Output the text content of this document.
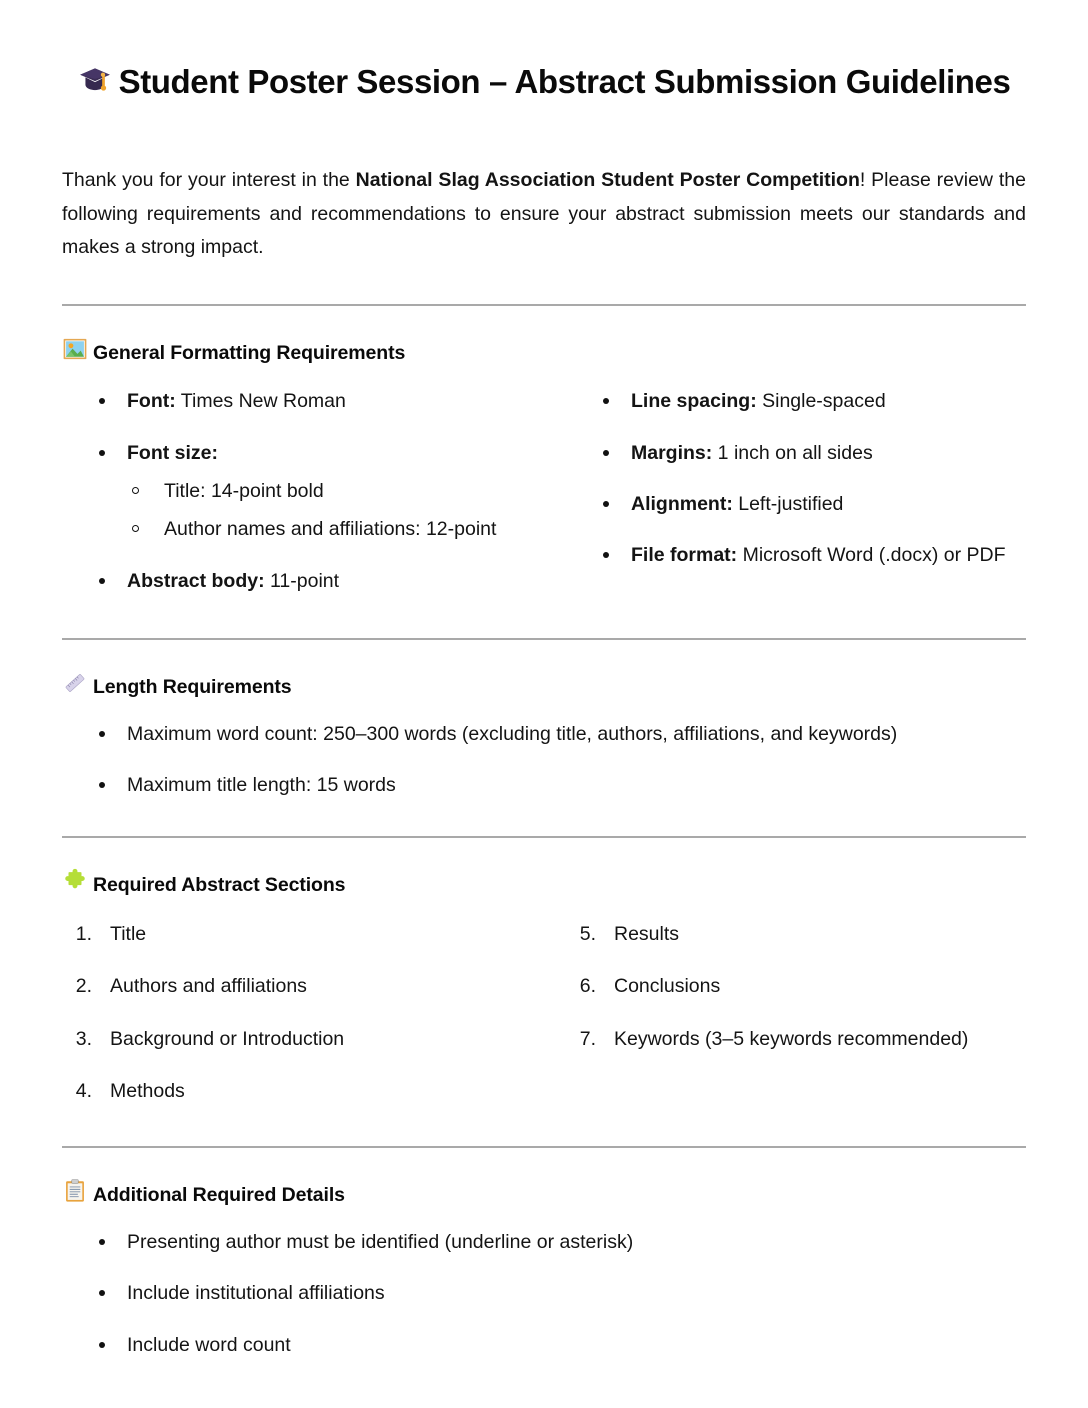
Student Poster Session – Abstract Submission Guidelines

Thank you for your interest in the National Slag Association Student Poster Competition! Please review the following requirements and recommendations to ensure your abstract submission meets our standards and makes a strong impact.

General Formatting Requirements
Font: Times New Roman
Font size:
Title: 14-point bold
Author names and affiliations: 12-point
Abstract body: 11-point
Line spacing: Single-spaced
Margins: 1 inch on all sides
Alignment: Left-justified
File format: Microsoft Word (.docx) or PDF
Length Requirements
Maximum word count: 250–300 words (excluding title, authors, affiliations, and keywords)
Maximum title length: 15 words
Required Abstract Sections
1. Title
2. Authors and affiliations
3. Background or Introduction
4. Methods
5. Results
6. Conclusions
7. Keywords (3–5 keywords recommended)
Additional Required Details
Presenting author must be identified (underline or asterisk)
Include institutional affiliations
Include word count
